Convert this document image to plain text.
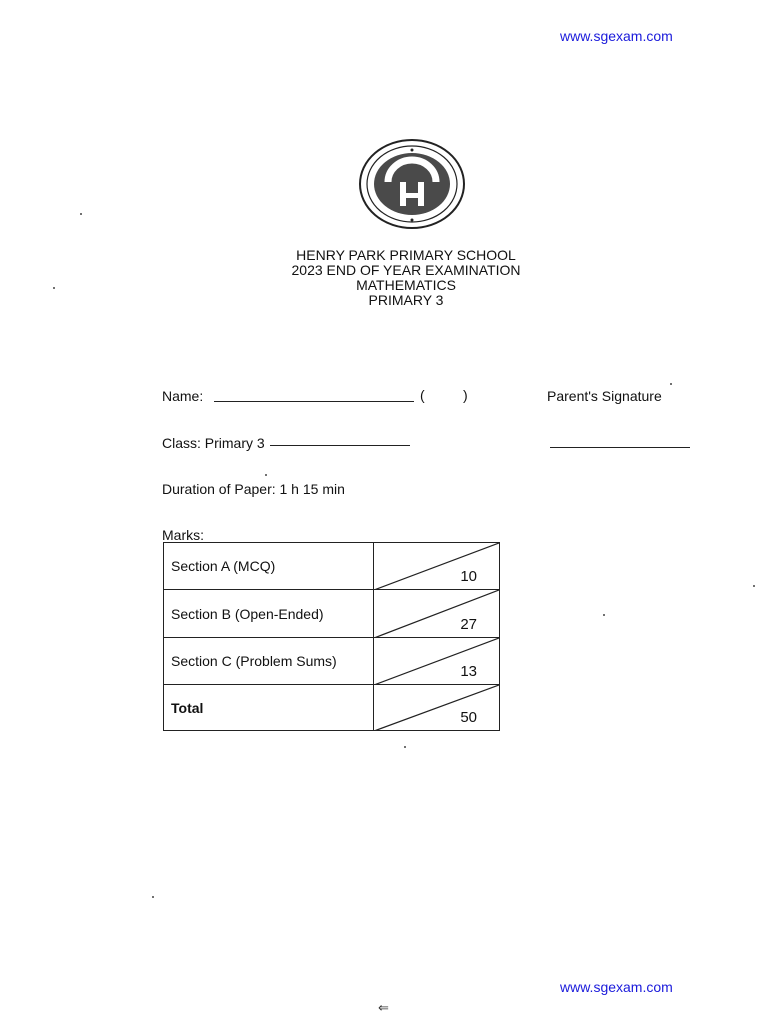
www.sgexam.com
HENRY PARK PRIMARY SCHOOL
2023 END OF YEAR EXAMINATION
MATHEMATICS
PRIMARY 3
Name:	(	)	Parent's Signature
Class: Primary 3
Duration of Paper: 1 h 15 min
Marks:
Section A (MCQ)	10

Section B (Open-Ended)	27

Section C (Problem Sums)	13

Total	50
⇐
www.sgexam.com
